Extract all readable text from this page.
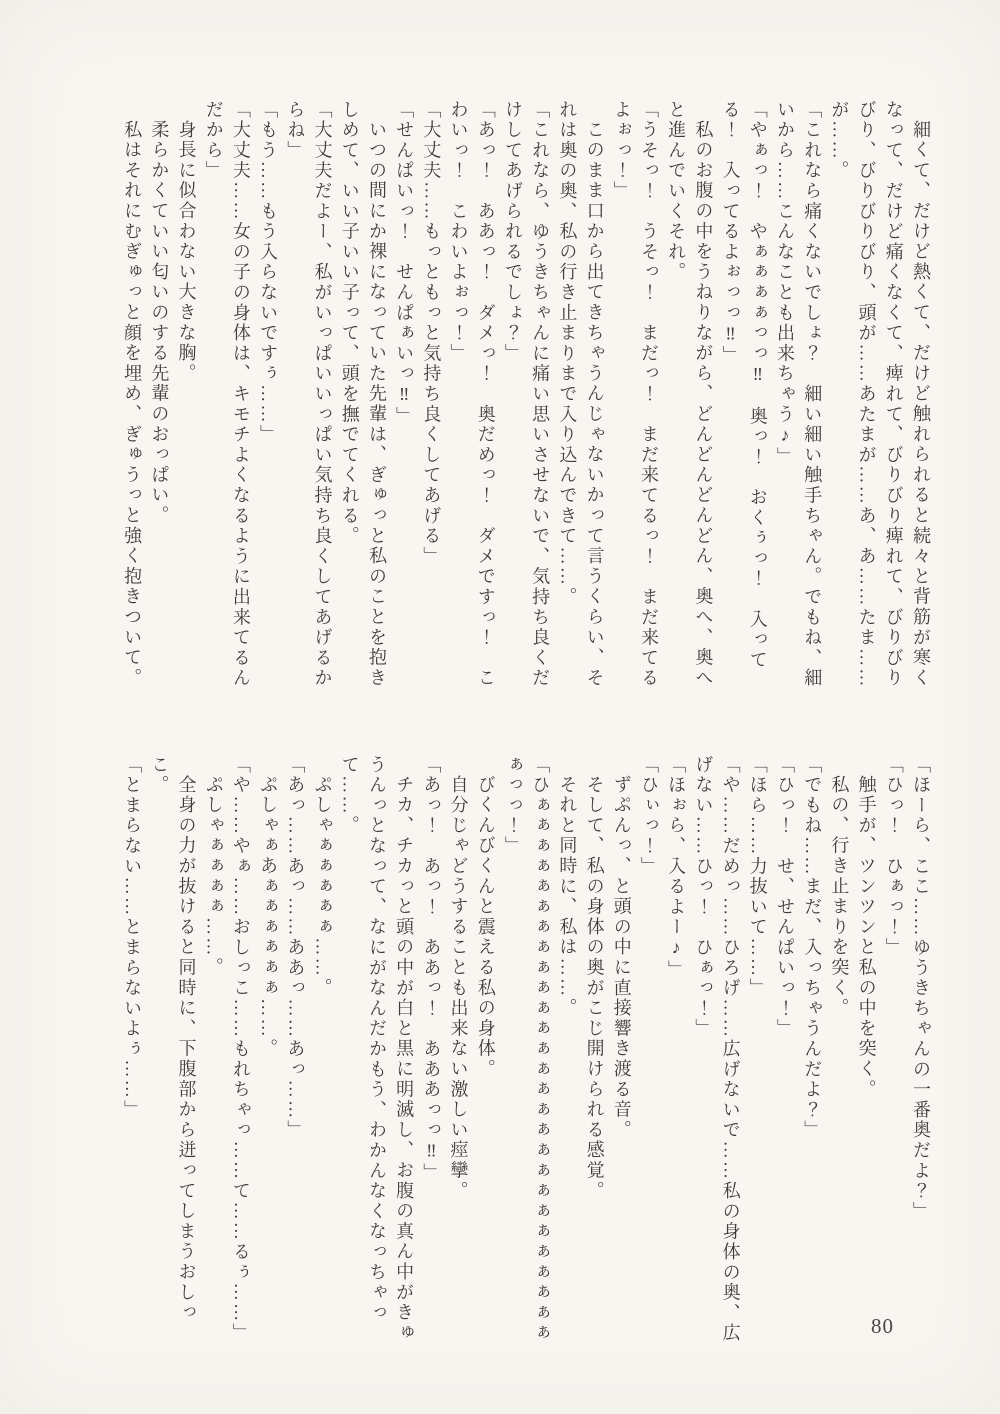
細くて、だけど熱くて、だけど触れられると続々と背筋が寒くなって、だけど痛くなくて、痺れて、びりびり痺れて、びりびりびり、びりびりびり、頭が……あたまが……あ、あ……たま……が……。

「これなら痛くないでしょ？　細い細い触手ちゃん。でもね、細いから……こんなことも出来ちゃう♪」

「やぁっ！　やぁぁぁぁっっ‼　奥っ！　おくぅっ！　入ってる！　入ってるよぉっっ‼」

私のお腹の中をうねりながら、どんどんどんどん、奥へ、奥へと進んでいくそれ。

「うそっ！　うそっ！　まだっ！　まだ来てるっ！　まだ来てるよぉっ！」

このまま口から出てきちゃうんじゃないかって言うくらい、それは奥の奥、私の行き止まりまで入り込んできて……。

「これなら、ゆうきちゃんに痛い思いさせないで、気持ち良くだけしてあげられるでしょ？」

「あっ！　ああっ！　ダメっ！　奥だめっ！　ダメですっ！　こわいっ！　こわいよぉっ！」

「大丈夫……もっともっと気持ち良くしてあげる」

「せんぱいっ！　せんぱぁいっ‼」

いつの間にか裸になっていた先輩は、ぎゅっと私のことを抱きしめて、いい子いい子って、頭を撫でてくれる。

「大丈夫だよー、私がいっぱいいっぱい気持ち良くしてあげるからね」

「もう……もう入らないですぅ……」

「大丈夫……女の子の身体は、キモチよくなるように出来てるんだから」

身長に似合わない大きな胸。

柔らかくていい匂いのする先輩のおっぱい。

私はそれにむぎゅっと顔を埋め、ぎゅうっと強く抱きついて。

「ほーら、ここ……ゆうきちゃんの一番奥だよ？」

「ひっ！　ひぁっ！」

触手が、ツンツンと私の中を突く。

私の、行き止まりを突く。

「でもね……まだ、入っちゃうんだよ？」

「ひっ！　せ、せんぱいっ！」

「ほら……力抜いて……」

「や……だめっ……ひろげ……広げないで……私の身体の奥、広げない……ひっ！　ひぁっ！」

「ほぉら、入るよー♪」

「ひぃっ！」

ずぷんっ、と頭の中に直接響き渡る音。

そして、私の身体の奥がこじ開けられる感覚。

それと同時に、私は……。

「ひぁぁぁぁぁぁぁぁぁぁぁぁぁぁぁぁぁぁぁぁぁぁぁぁぁぁぁぁっっ！」

びくんびくんと震える私の身体。

自分じゃどうすることも出来ない激しい痙攣。

「あっ！　あっ！　ああっ！　あああっっ‼」

チカ、チカっと頭の中が白と黒に明滅し、お腹の真ん中がきゅうんっとなって、なにがなんだかもう、わかんなくなっちゃって……。

ぷしゃぁぁぁぁぁ……。

「あっ……あっ……ああっ……あっ……」

ぷしゃぁあぁぁぁぁぁぁ……。

「や……やぁ……おしっこ……もれちゃっ……て……るぅ……」

ぷしゃぁぁぁぁ……。

全身の力が抜けると同時に、下腹部から迸ってしまうおしっこ。

「とまらない……とまらないよぅ……」

80
